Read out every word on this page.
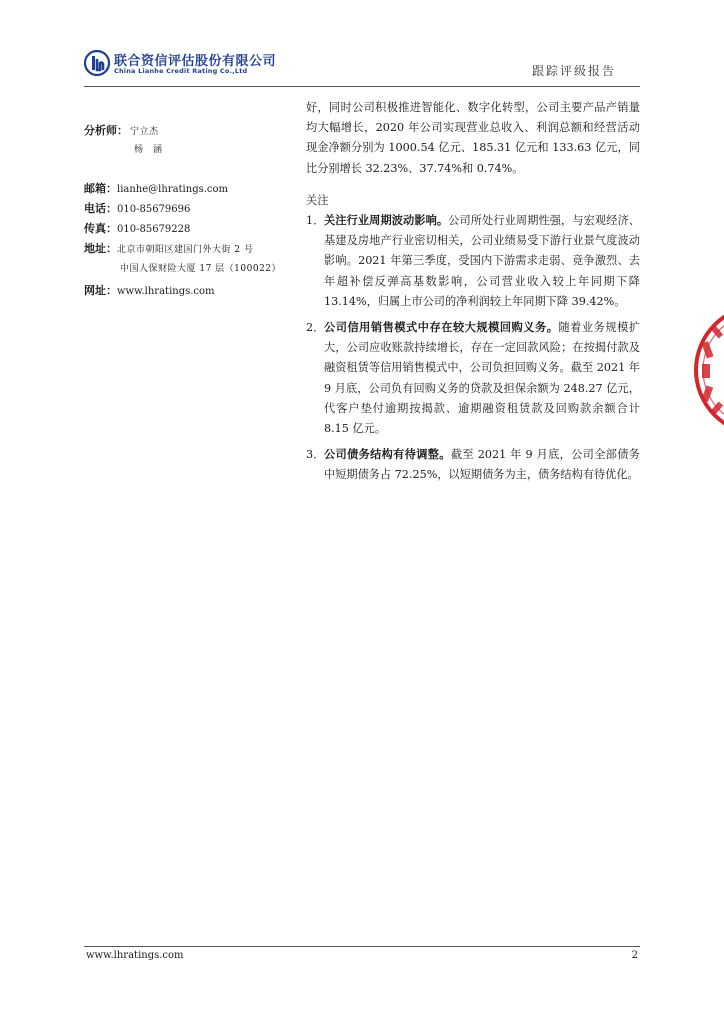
联合资信评估股份有限公司
China Lianhe Credit Rating Co.,Ltd	跟踪评级报告
分析师： 宁立杰
杨　涵
邮箱：lianhe@lhratings.com
电话：010-85679696
传真：010-85679228
地址：北京市朝阳区建国门外大街 2 号
中国人保财险大厦 17 层（100022）
网址：www.lhratings.com

好，同时公司积极推进智能化、数字化转型，公司主要产品产销量均大幅增长，2020 年公司实现营业总收入、利润总额和经营活动现金净额分别为 1000.54 亿元、185.31 亿元和 133.63 亿元，同比分别增长 32.23%、37.74%和 0.74%。

关注
1． 关注行业周期波动影响。公司所处行业周期性强，与宏观经济、基建及房地产行业密切相关，公司业绩易受下游行业景气度波动影响。2021 年第三季度，受国内下游需求走弱、竞争激烈、去年超补偿反弹高基数影响，公司营业收入较上年同期下降 13.14%，归属上市公司的净利润较上年同期下降 39.42%。
2． 公司信用销售模式中存在较大规模回购义务。随着业务规模扩大，公司应收账款持续增长，存在一定回款风险；在按揭付款及融资租赁等信用销售模式中，公司负担回购义务。截至 2021 年 9 月底，公司负有回购义务的贷款及担保余额为 248.27 亿元，代客户垫付逾期按揭款、逾期融资租赁款及回购款余额合计 8.15 亿元。
3． 公司债务结构有待调整。截至 2021 年 9 月底，公司全部债务中短期债务占 72.25%，以短期债务为主，债务结构有待优化。
www.lhratings.com	2
